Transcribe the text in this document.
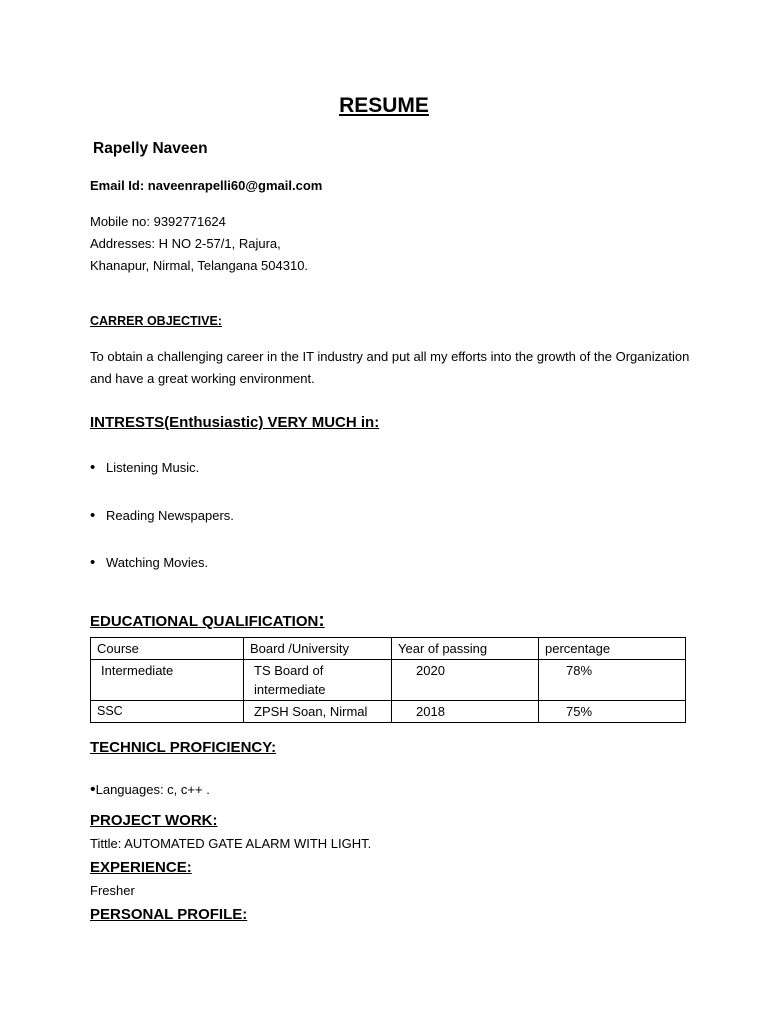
RESUME
Rapelly Naveen
Email Id: naveenrapelli60@gmail.com
Mobile no: 9392771624
Addresses: H NO 2-57/1, Rajura,
Khanapur, Nirmal, Telangana 504310.
CARRER OBJECTIVE:
To obtain a challenging career in the IT industry and put all my efforts into the growth of the Organization and have a great working environment.
INTRESTS(Enthusiastic) VERY MUCH in:
• Listening Music.
• Reading Newspapers.
• Watching Movies.
EDUCATIONAL QUALIFICATION:
Course	Board /University	Year of passing	percentage
Intermediate	TS Board of intermediate	2020	78%
SSC	ZPSH Soan, Nirmal	2018	75%
TECHNICL PROFICIENCY:
•Languages: c, c++ .
PROJECT WORK:
Tittle: AUTOMATED GATE ALARM WITH LIGHT.
EXPERIENCE:
Fresher
PERSONAL PROFILE:
